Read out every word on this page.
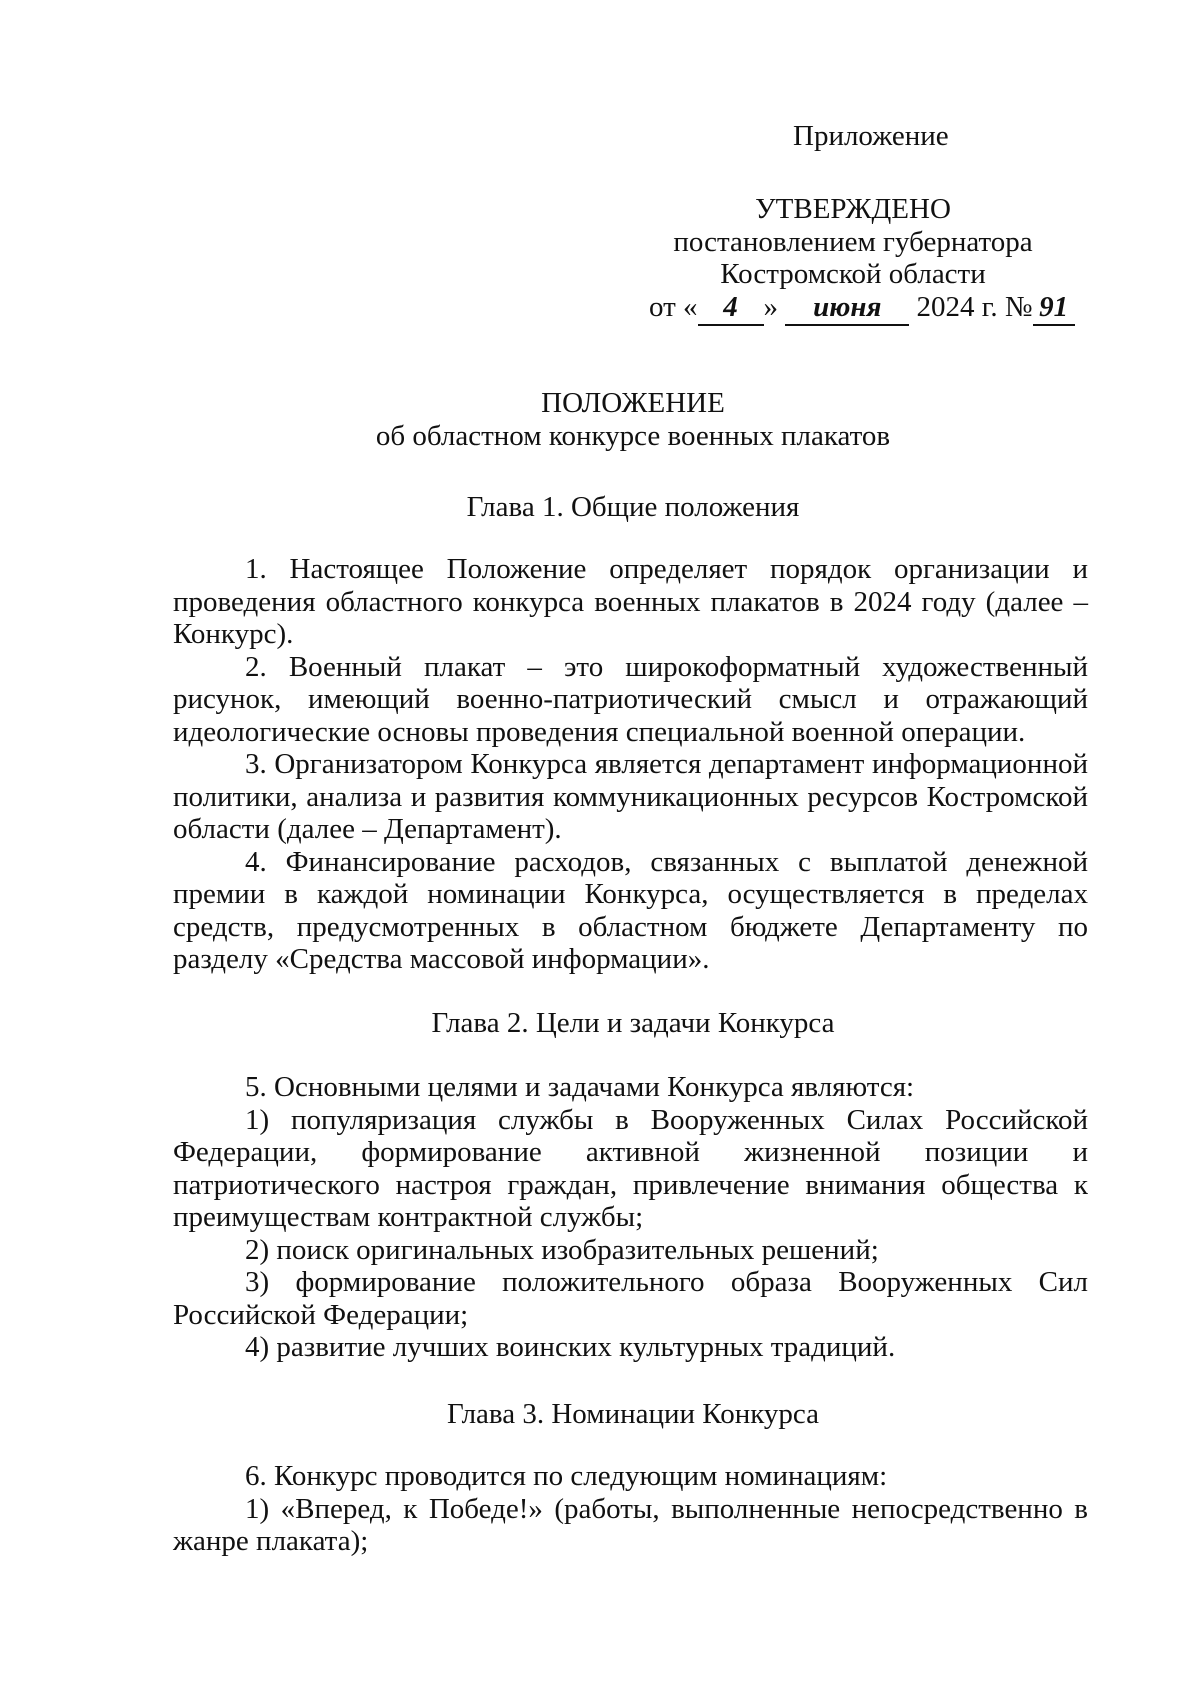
Приложение
УТВЕРЖДЕНО
постановлением губернатора
Костромской области
от « 4 » июня 2024 г. № 91
ПОЛОЖЕНИЕ
об областном конкурсе военных плакатов
Глава 1. Общие положения

1. Настоящее Положение определяет порядок организации и проведения областного конкурса военных плакатов в 2024 году (далее – Конкурс).

2. Военный плакат – это широкоформатный художественный рисунок, имеющий военно-патриотический смысл и отражающий идеологические основы проведения специальной военной операции.

3. Организатором Конкурса является департамент информационной политики, анализа и развития коммуникационных ресурсов Костромской области (далее – Департамент).

4. Финансирование расходов, связанных с выплатой денежной премии в каждой номинации Конкурса, осуществляется в пределах средств, предусмотренных в областном бюджете Департаменту по разделу «Средства массовой информации».

Глава 2. Цели и задачи Конкурса

5. Основными целями и задачами Конкурса являются:

1) популяризация службы в Вооруженных Силах Российской Федерации, формирование активной жизненной позиции и патриотического настроя граждан, привлечение внимания общества к преимуществам контрактной службы;

2) поиск оригинальных изобразительных решений;

3) формирование положительного образа Вооруженных Сил Российской Федерации;

4) развитие лучших воинских культурных традиций.

Глава 3. Номинации Конкурса

6. Конкурс проводится по следующим номинациям:

1) «Вперед, к Победе!» (работы, выполненные непосредственно в жанре плаката);
